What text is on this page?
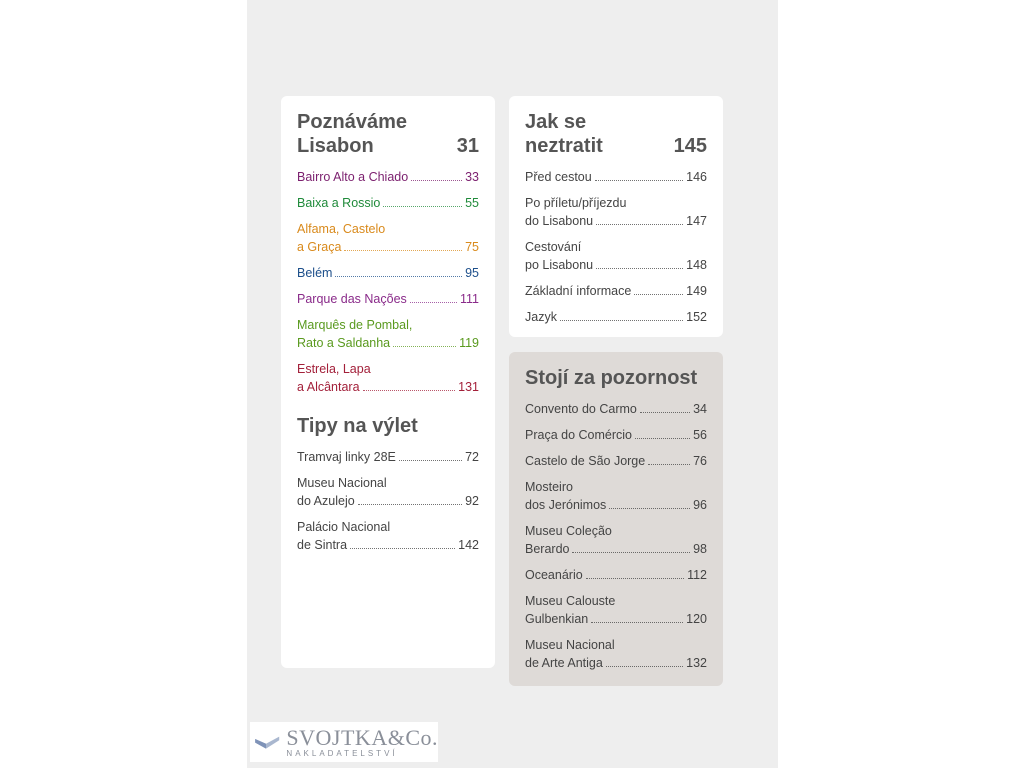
Poznáváme
Lisabon	31
Bairro Alto a Chiado	33
Baixa a Rossio	55
Alfama, Castelo
a Graça	75
Belém	95
Parque das Nações	111
Marquês de Pombal,
Rato a Saldanha	119
Estrela, Lapa
a Alcântara	131
Tipy na výlet
Tramvaj linky 28E	72
Museu Nacional
do Azulejo	92
Palácio Nacional
de Sintra	142
Jak se
neztratit	145
Před cestou	146
Po příletu/příjezdu
do Lisabonu	147
Cestování
po Lisabonu	148
Základní informace	149
Jazyk	152
Stojí za pozornost
Convento do Carmo	34
Praça do Comércio	56
Castelo de São Jorge	76
Mosteiro
dos Jerónimos	96
Museu Coleção
Berardo	98
Oceanário	112
Museu Calouste
Gulbenkian	120
Museu Nacional
de Arte Antiga	132
SVOJTKA&Co.
NAKLADATELSTVÍ
